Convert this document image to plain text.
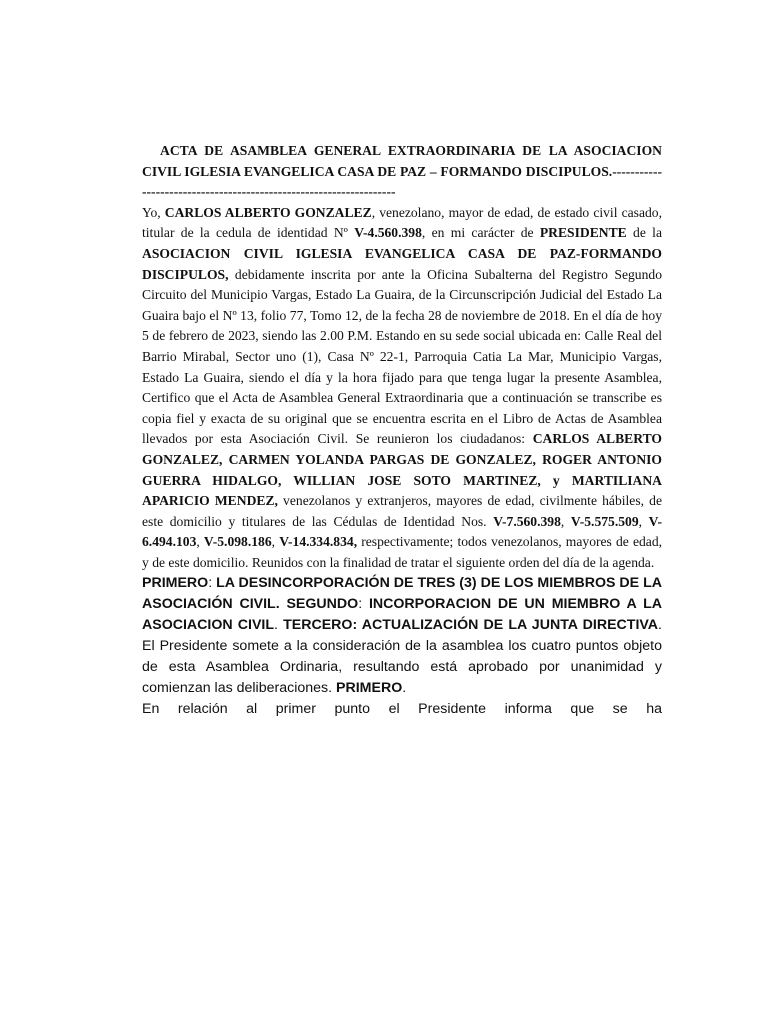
ACTA DE ASAMBLEA GENERAL EXTRAORDINARIA DE LA ASOCIACION CIVIL IGLESIA EVANGELICA CASA DE PAZ – FORMANDO DISCIPULOS.-------------------------------------------------------------------

Yo, CARLOS ALBERTO GONZALEZ, venezolano, mayor de edad, de estado civil casado, titular de la cedula de identidad Nº V-4.560.398, en mi carácter de PRESIDENTE de la ASOCIACION CIVIL IGLESIA EVANGELICA CASA DE PAZ-FORMANDO DISCIPULOS, debidamente inscrita por ante la Oficina Subalterna del Registro Segundo Circuito del Municipio Vargas, Estado La Guaira, de la Circunscripción Judicial del Estado La Guaira bajo el Nº 13, folio 77, Tomo 12, de la fecha 28 de noviembre de 2018. En el día de hoy 5 de febrero de 2023, siendo las 2.00 P.M. Estando en su sede social ubicada en: Calle Real del Barrio Mirabal, Sector uno (1), Casa Nº 22-1, Parroquia Catia La Mar, Municipio Vargas, Estado La Guaira, siendo el día y la hora fijado para que tenga lugar la presente Asamblea, Certifico que el Acta de Asamblea General Extraordinaria que a continuación se transcribe es copia fiel y exacta de su original que se encuentra escrita en el Libro de Actas de Asamblea llevados por esta Asociación Civil. Se reunieron los ciudadanos: CARLOS ALBERTO GONZALEZ, CARMEN YOLANDA PARGAS DE GONZALEZ, ROGER ANTONIO GUERRA HIDALGO, WILLIAN JOSE SOTO MARTINEZ, y MARTILIANA APARICIO MENDEZ, venezolanos y extranjeros, mayores de edad, civilmente hábiles, de este domicilio y titulares de las Cédulas de Identidad Nos. V-7.560.398, V-5.575.509, V-6.494.103, V-5.098.186, V-14.334.834, respectivamente; todos venezolanos, mayores de edad, y de este domicilio. Reunidos con la finalidad de tratar el siguiente orden del día de la agenda.

PRIMERO: LA DESINCORPORACIÓN DE TRES (3) DE LOS MIEMBROS DE LA ASOCIACIÓN CIVIL. SEGUNDO: INCORPORACION DE UN MIEMBRO A LA ASOCIACION CIVIL. TERCERO: ACTUALIZACIÓN DE LA JUNTA DIRECTIVA. El Presidente somete a la consideración de la asamblea los cuatro puntos objeto de esta Asamblea Ordinaria, resultando está aprobado por unanimidad y comienzan las deliberaciones. PRIMERO.

En relación al primer punto el Presidente informa que se ha
